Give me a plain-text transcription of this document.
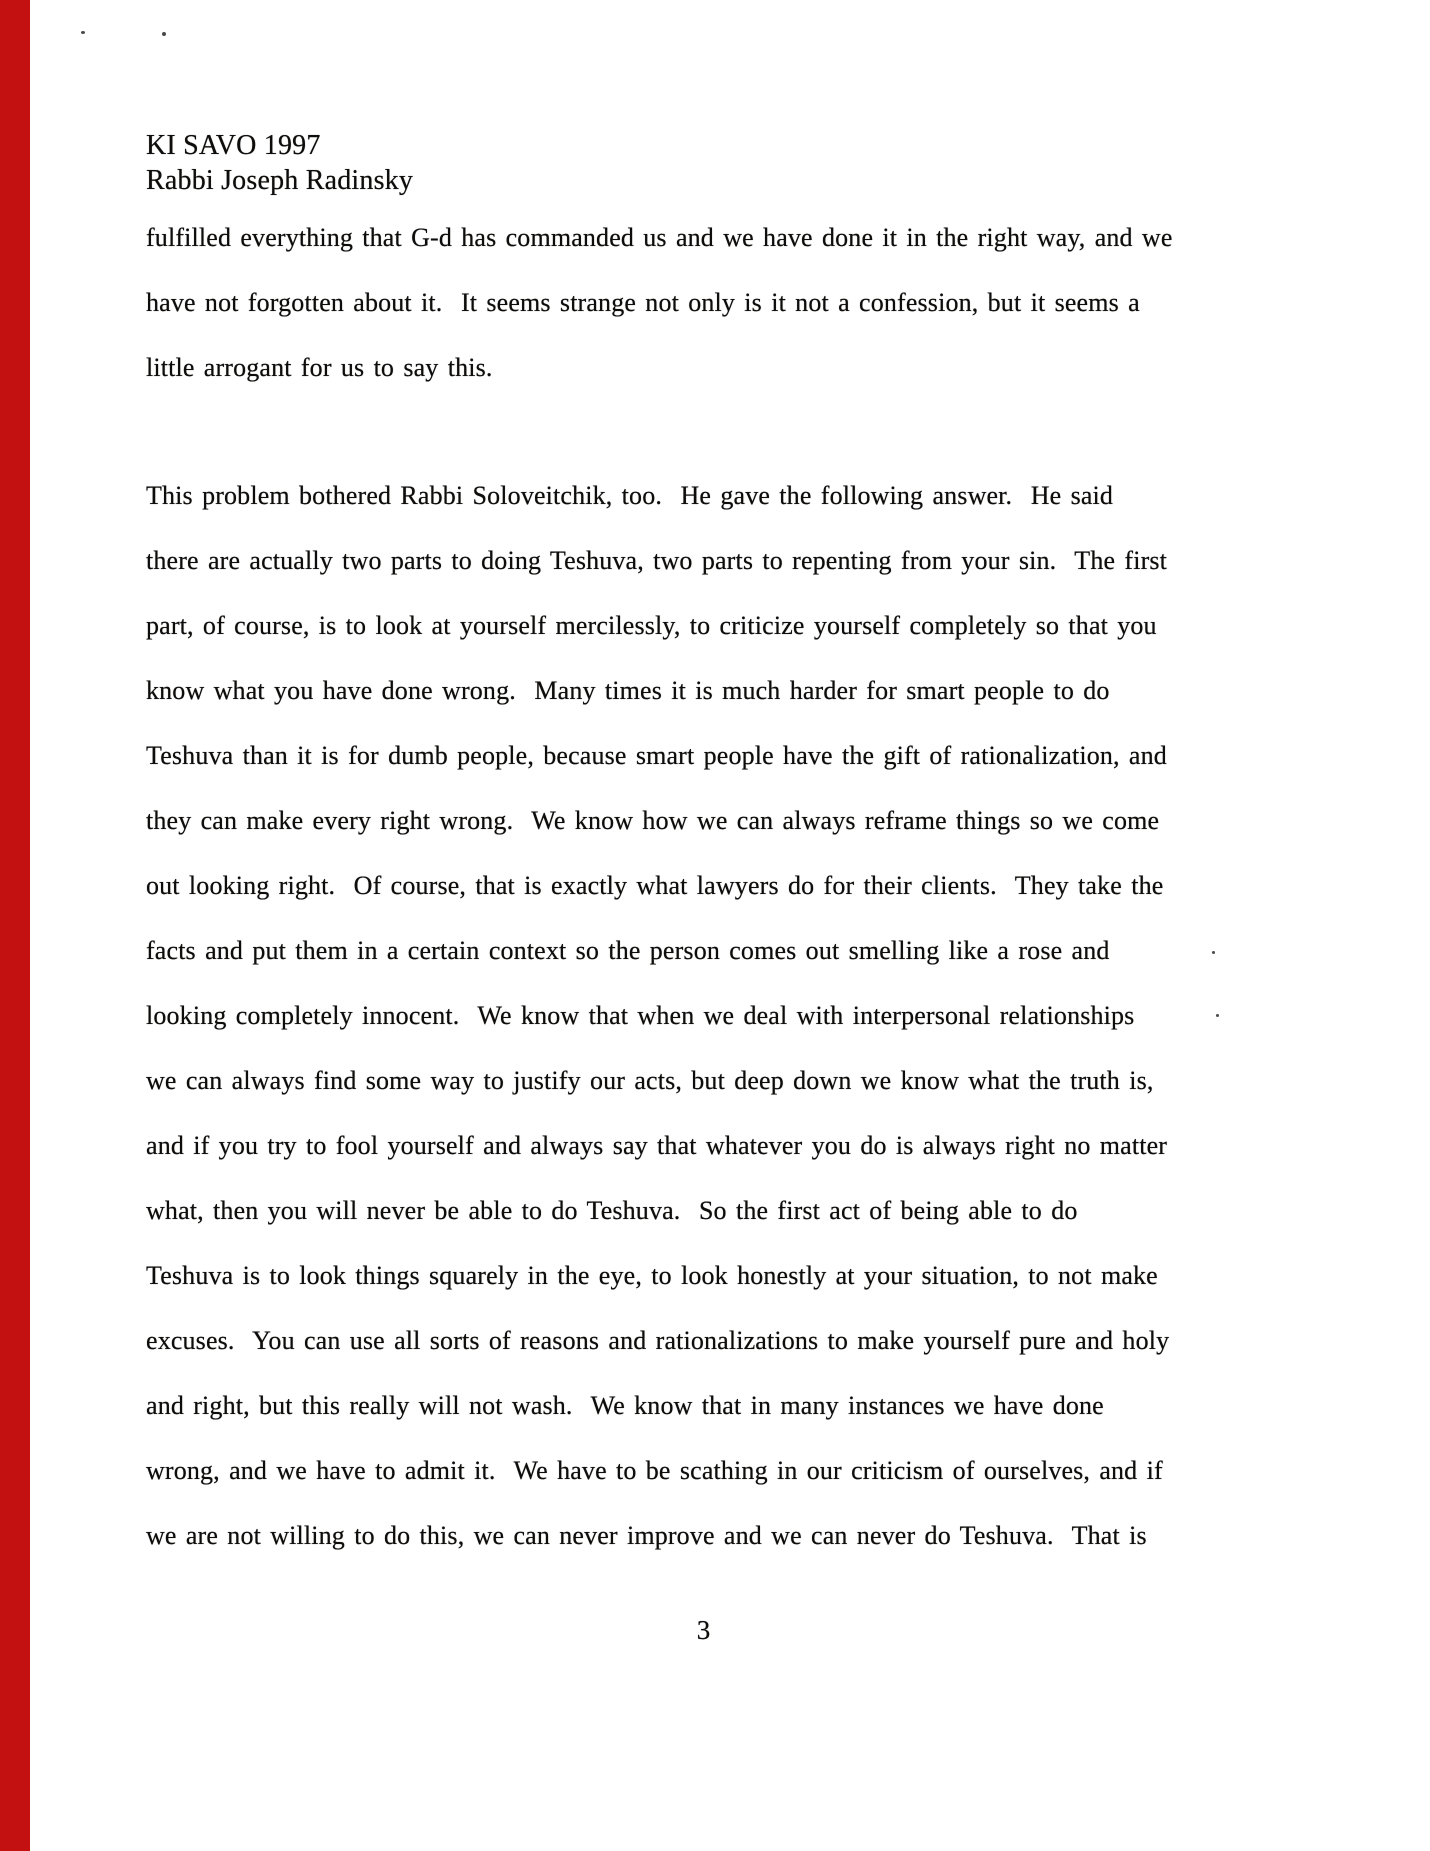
KI SAVO 1997
Rabbi Joseph Radinsky
fulfilled everything that G-d has commanded us and we have done it in the right way, and we
have not forgotten about it.  It seems strange not only is it not a confession, but it seems a
little arrogant for us to say this.
This problem bothered Rabbi Soloveitchik, too.  He gave the following answer.  He said
there are actually two parts to doing Teshuva, two parts to repenting from your sin.  The first
part, of course, is to look at yourself mercilessly, to criticize yourself completely so that you
know what you have done wrong.  Many times it is much harder for smart people to do
Teshuva than it is for dumb people, because smart people have the gift of rationalization, and
they can make every right wrong.  We know how we can always reframe things so we come
out looking right.  Of course, that is exactly what lawyers do for their clients.  They take the
facts and put them in a certain context so the person comes out smelling like a rose and
looking completely innocent.  We know that when we deal with interpersonal relationships
we can always find some way to justify our acts, but deep down we know what the truth is,
and if you try to fool yourself and always say that whatever you do is always right no matter
what, then you will never be able to do Teshuva.  So the first act of being able to do
Teshuva is to look things squarely in the eye, to look honestly at your situation, to not make
excuses.  You can use all sorts of reasons and rationalizations to make yourself pure and holy
and right, but this really will not wash.  We know that in many instances we have done
wrong, and we have to admit it.  We have to be scathing in our criticism of ourselves, and if
we are not willing to do this, we can never improve and we can never do Teshuva.  That is
3
